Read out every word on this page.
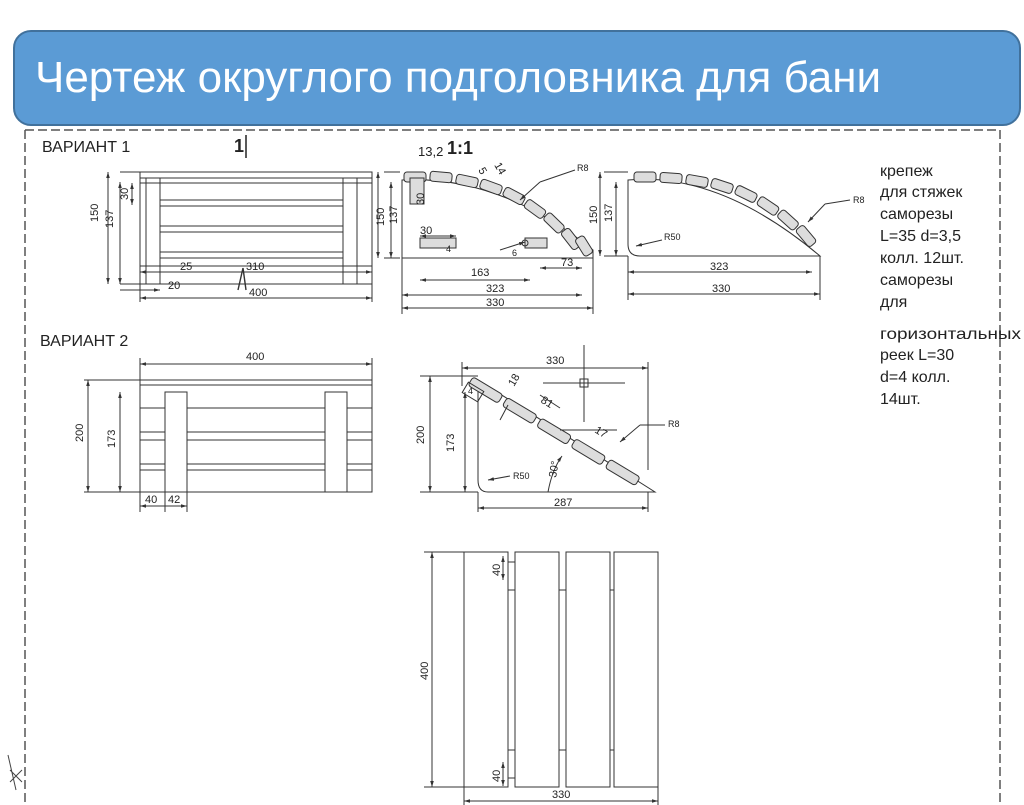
Чертеж округлого подголовника для бани
ВАРИАНТ 1	1
150 137
30
25	310
20
400
1:1
13,2
5 14	R8
150 137
30
30
4	6
163
73
323
330
150 137
R50
R8
323
330
крепеж
для стяжек
саморезы
L=35 d=3,5
колл. 12шт.
саморезы
для
горизонтальных
реек L=30
d=4 колл.
14шт.
ВАРИАНТ 2
400
200 173
40 42
330
18
81
17
R8
200 173
30°
R50
287
4
400
40
40
330
